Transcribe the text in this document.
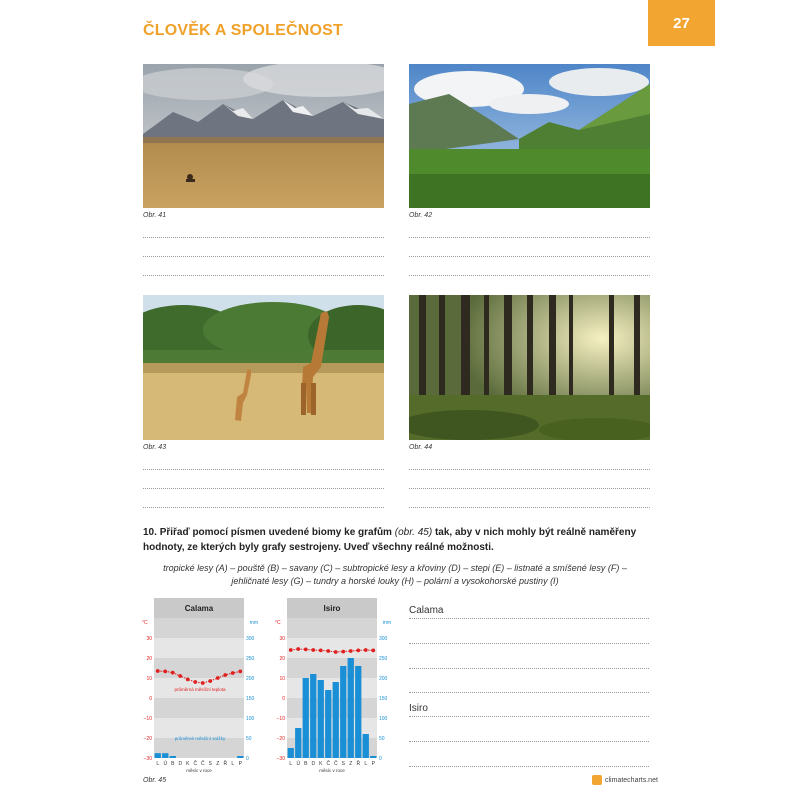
ČLOVĚK A SPOLEČNOST	27
Obr. 41	Obr. 42
Obr. 43	Obr. 44
10. Přiřaď pomocí písmen uvedené biomy ke grafům (obr. 45) tak, aby v nich mohly být reálně naměřeny hodnoty, ze kterých byly grafy sestrojeny. Uveď všechny reálné možnosti.
tropické lesy (A) – pouště (B) – savany (C) – subtropické lesy a křoviny (D) – stepi (E) – listnaté a smíšené lesy (F) –
jehličnaté lesy (G) – tundry a horské louky (H) – polární a vysokohorské pustiny (I)
Calama
°C	mm
30
20
10
0
−10
−20
−30
300
250
200
150
100
50
0
průměrná měsíční teplota
průměrné měsíční srážky
L Ú B D K Č Č S Z Ř L P
měsíc v roce
Isiro
°C	mm
30
20
10
0
−10
−20
−30
300
250
200
150
100
50
0
L Ú B D K Č Č S Z Ř L P
měsíc v roce
Obr. 45
Calama
Isiro
climatecharts.net
